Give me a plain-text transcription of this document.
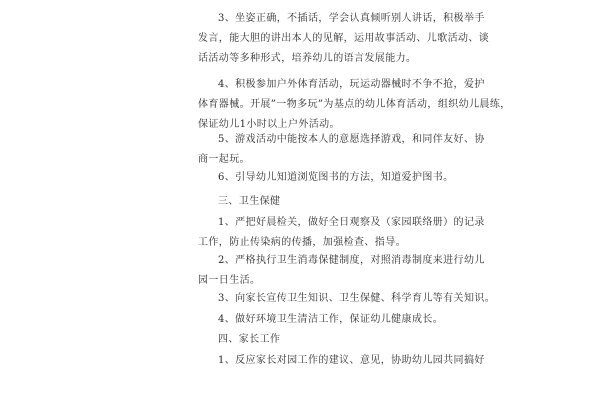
3、坐姿正确，不插话，学会认真倾听别人讲话，积极举手
发言，能大胆的讲出本人的见解，运用故事活动、儿歌活动、谈
话活动等多种形式，培养幼儿的语言发展能力。
4、积极参加户外体育活动，玩运动器械时不争不抢，爱护
体育器械。开展”一物多玩”为基点的幼儿体育活动，组织幼儿晨练，
保证幼儿1小时以上户外活动。
5、游戏活动中能按本人的意愿选择游戏，和同伴友好、协
商一起玩。
6、引导幼儿知道浏览图书的方法，知道爱护图书。
三、卫生保健
1、严把好晨检关，做好全日观察及（家园联络册）的记录
工作，防止传染病的传播，加强检查、指导。
2、严格执行卫生消毒保健制度，对照消毒制度来进行幼儿
园一日生活。
3、向家长宣传卫生知识、卫生保健、科学育儿等有关知识。
4、做好环境卫生清洁工作，保证幼儿健康成长。
四、家长工作
1、反应家长对园工作的建议、意见，协助幼儿园共同搞好
